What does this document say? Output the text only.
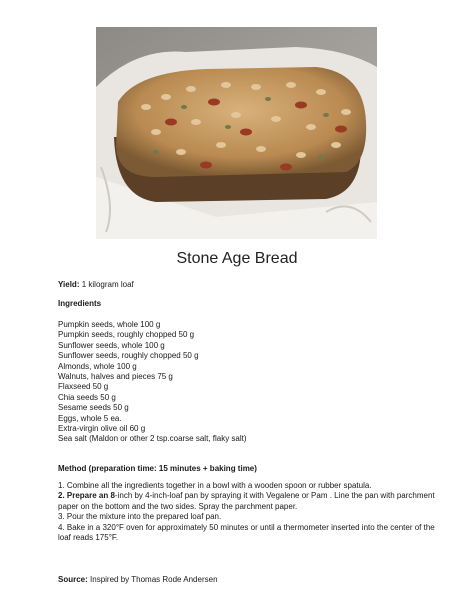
Stone Age Bread
Yield: 1 kilogram loaf
Ingredients
Pumpkin seeds, whole 100 g
Pumpkin seeds, roughly chopped 50 g
Sunflower seeds, whole 100 g
Sunflower seeds, roughly chopped 50 g
Almonds, whole 100 g
Walnuts, halves and pieces 75 g
Flaxseed 50 g
Chia seeds 50 g
Sesame seeds 50 g
Eggs, whole 5 ea.
Extra-virgin olive oil 60 g
Sea salt (Maldon or other 2 tsp.coarse salt, flaky salt)
Method (preparation time: 15 minutes + baking time)
1. Combine all the ingredients together in a bowl with a wooden spoon or rubber spatula.
2. Prepare an 8-inch by 4-inch-loaf pan by spraying it with Vegalene or Pam . Line the pan with parchment paper on the bottom and the two sides. Spray the parchment paper.
3. Pour the mixture into the prepared loaf pan.
4. Bake in a 320°F oven for approximately 50 minutes or until a thermometer inserted into the center of the loaf reads 175°F.
Source: Inspired by Thomas Rode Andersen
